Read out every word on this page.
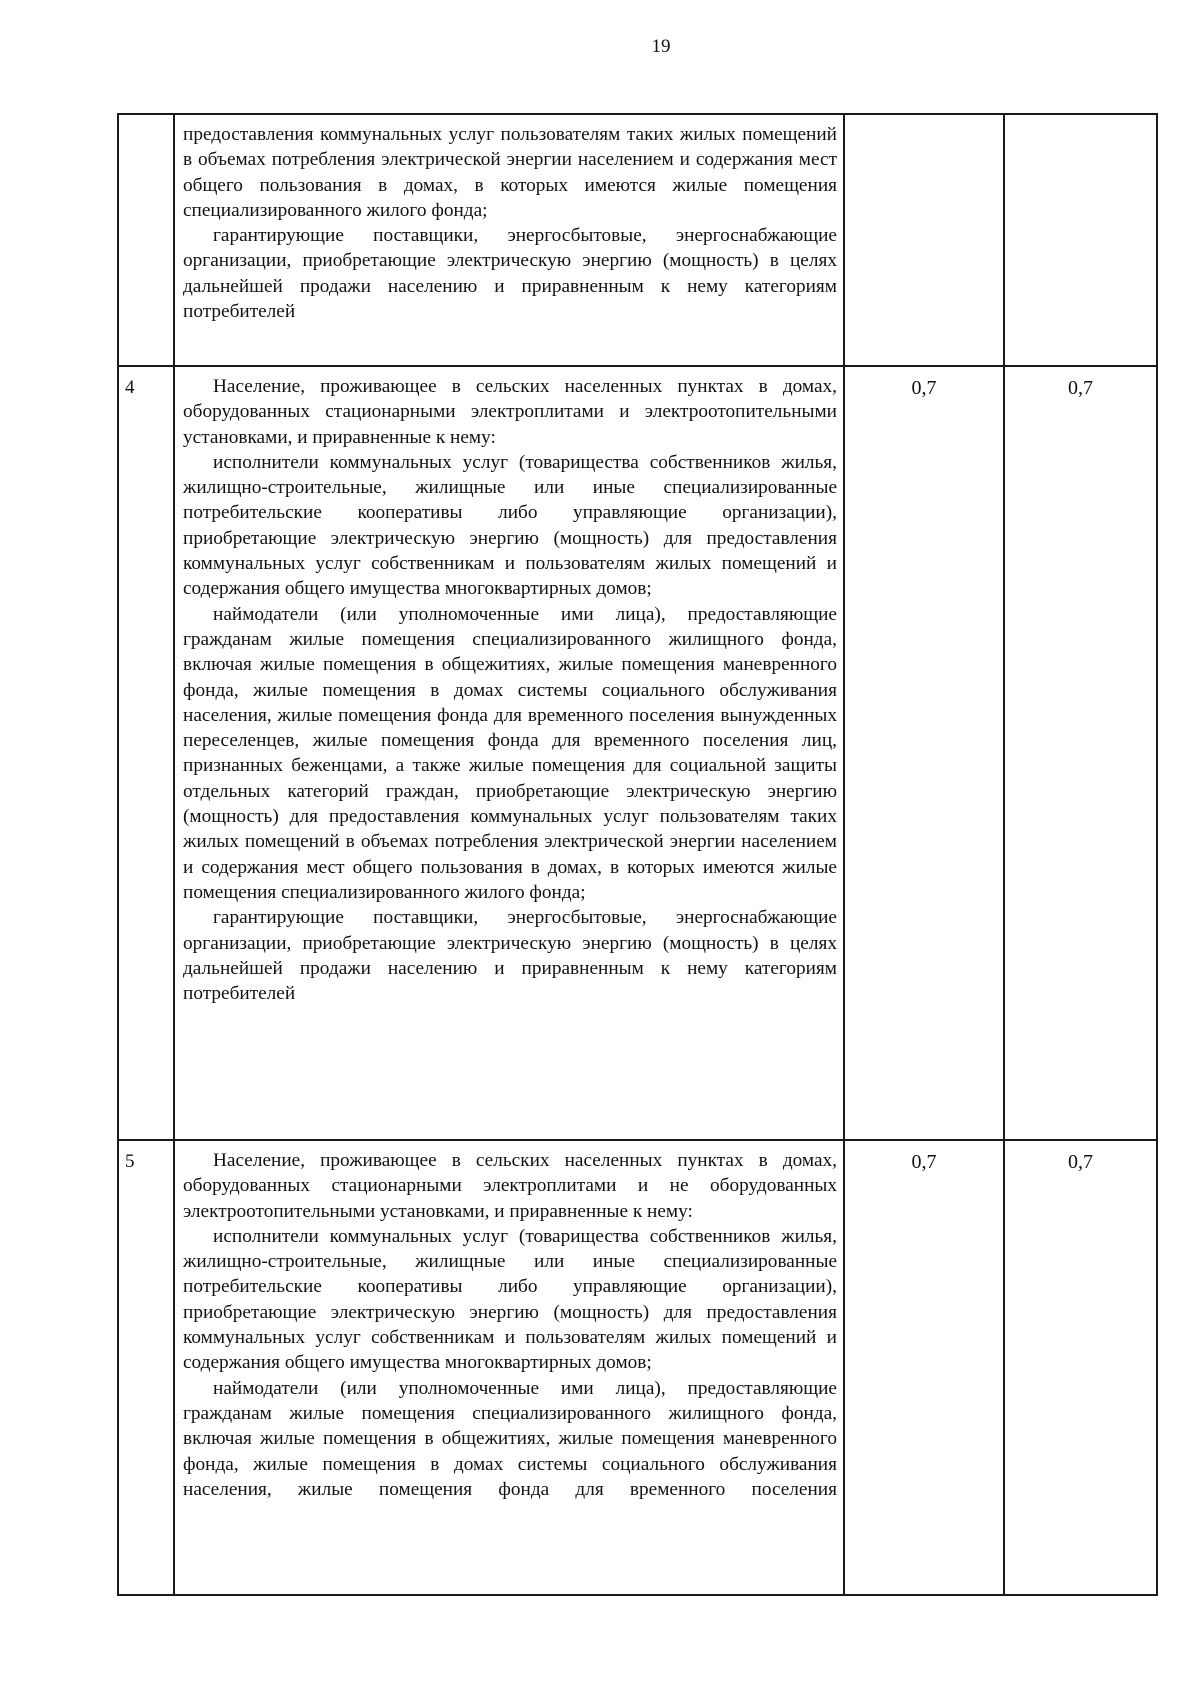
19

	предоставления коммунальных услуг пользователям таких жилых помещений в объемах потребления электрической энергии населением и содержания мест общего пользования в домах, в которых имеются жилые помещения специализированного жилого фонда;
гарантирующие поставщики, энергосбытовые, энергоснабжающие организации, приобретающие электрическую энергию (мощность) в целях дальнейшей продажи населению и приравненным к нему категориям потребителей		

4	Население, проживающее в сельских населенных пунктах в домах, оборудованных стационарными электроплитами и электроотопительными установками, и приравненные к нему:
исполнители коммунальных услуг (товарищества собственников жилья, жилищно-строительные, жилищные или иные специализированные потребительские кооперативы либо управляющие организации), приобретающие электрическую энергию (мощность) для предоставления коммунальных услуг собственникам и пользователям жилых помещений и содержания общего имущества многоквартирных домов;
наймодатели (или уполномоченные ими лица), предоставляющие гражданам жилые помещения специализированного жилищного фонда, включая жилые помещения в общежитиях, жилые помещения маневренного фонда, жилые помещения в домах системы социального обслуживания населения, жилые помещения фонда для временного поселения вынужденных переселенцев, жилые помещения фонда для временного поселения лиц, признанных беженцами, а также жилые помещения для социальной защиты отдельных категорий граждан, приобретающие электрическую энергию (мощность) для предоставления коммунальных услуг пользователям таких жилых помещений в объемах потребления электрической энергии населением и содержания мест общего пользования в домах, в которых имеются жилые помещения специализированного жилого фонда;
гарантирующие поставщики, энергосбытовые, энергоснабжающие организации, приобретающие электрическую энергию (мощность) в целях дальнейшей продажи населению и приравненным к нему категориям потребителей	0,7	0,7
5	Население, проживающее в сельских населенных пунктах в домах, оборудованных стационарными электроплитами и не оборудованных электроотопительными установками, и приравненные к нему:
исполнители коммунальных услуг (товарищества собственников жилья, жилищно-строительные, жилищные или иные специализированные потребительские кооперативы либо управляющие организации), приобретающие электрическую энергию (мощность) для предоставления коммунальных услуг собственникам и пользователям жилых помещений и содержания общего имущества многоквартирных домов;
наймодатели (или уполномоченные ими лица), предоставляющие гражданам жилые помещения специализированного жилищного фонда, включая жилые помещения в общежитиях, жилые помещения маневренного фонда, жилые помещения в домах системы социального обслуживания населения, жилые помещения фонда для временного поселения	0,7	0,7
